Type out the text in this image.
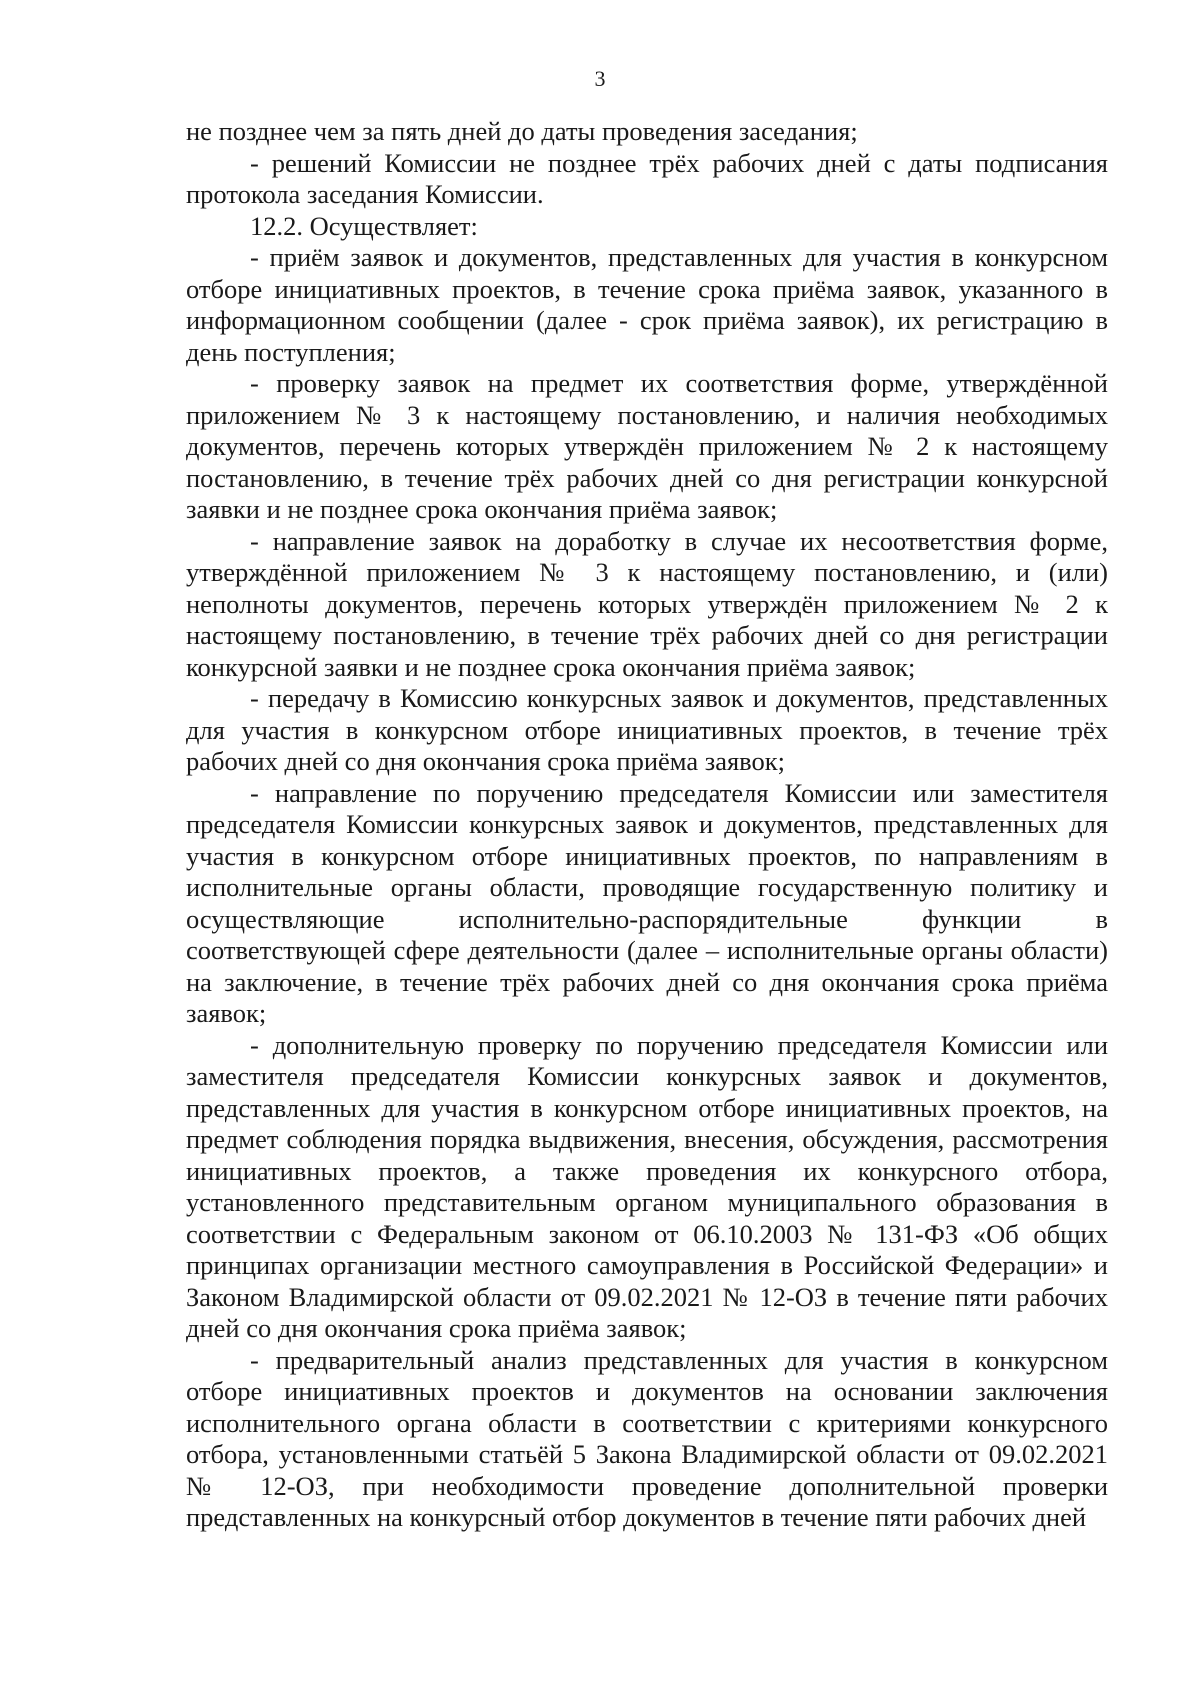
3

не позднее чем за пять дней до даты проведения заседания;

- решений Комиссии не позднее трёх рабочих дней с даты подписания протокола заседания Комиссии.

12.2. Осуществляет:

- приём заявок и документов, представленных для участия в конкурсном отборе инициативных проектов, в течение срока приёма заявок, указанного в информационном сообщении (далее - срок приёма заявок), их регистрацию в день поступления;

- проверку заявок на предмет их соответствия форме, утверждённой приложением № 3 к настоящему постановлению, и наличия необходимых документов, перечень которых утверждён приложением № 2 к настоящему постановлению, в течение трёх рабочих дней со дня регистрации конкурсной заявки и не позднее срока окончания приёма заявок;

- направление заявок на доработку в случае их несоответствия форме, утверждённой приложением № 3 к настоящему постановлению, и (или) неполноты документов, перечень которых утверждён приложением № 2 к настоящему постановлению, в течение трёх рабочих дней со дня регистрации конкурсной заявки и не позднее срока окончания приёма заявок;

- передачу в Комиссию конкурсных заявок и документов, представленных для участия в конкурсном отборе инициативных проектов, в течение трёх рабочих дней со дня окончания срока приёма заявок;

- направление по поручению председателя Комиссии или заместителя председателя Комиссии конкурсных заявок и документов, представленных для участия в конкурсном отборе инициативных проектов, по направлениям в исполнительные органы области, проводящие государственную политику и осуществляющие исполнительно-распорядительные функции в соответствующей сфере деятельности (далее – исполнительные органы области) на заключение, в течение трёх рабочих дней со дня окончания срока приёма заявок;

- дополнительную проверку по поручению председателя Комиссии или заместителя председателя Комиссии конкурсных заявок и документов, представленных для участия в конкурсном отборе инициативных проектов, на предмет соблюдения порядка выдвижения, внесения, обсуждения, рассмотрения инициативных проектов, а также проведения их конкурсного отбора, установленного представительным органом муниципального образования в соответствии с Федеральным законом от 06.10.2003 № 131-ФЗ «Об общих принципах организации местного самоуправления в Российской Федерации» и Законом Владимирской области от 09.02.2021 № 12-ОЗ в течение пяти рабочих дней со дня окончания срока приёма заявок;

- предварительный анализ представленных для участия в конкурсном отборе инициативных проектов и документов на основании заключения исполнительного органа области в соответствии с критериями конкурсного отбора, установленными статьёй 5 Закона Владимирской области от 09.02.2021 № 12-ОЗ, при необходимости проведение дополнительной проверки представленных на конкурсный отбор документов в течение пяти рабочих дней
